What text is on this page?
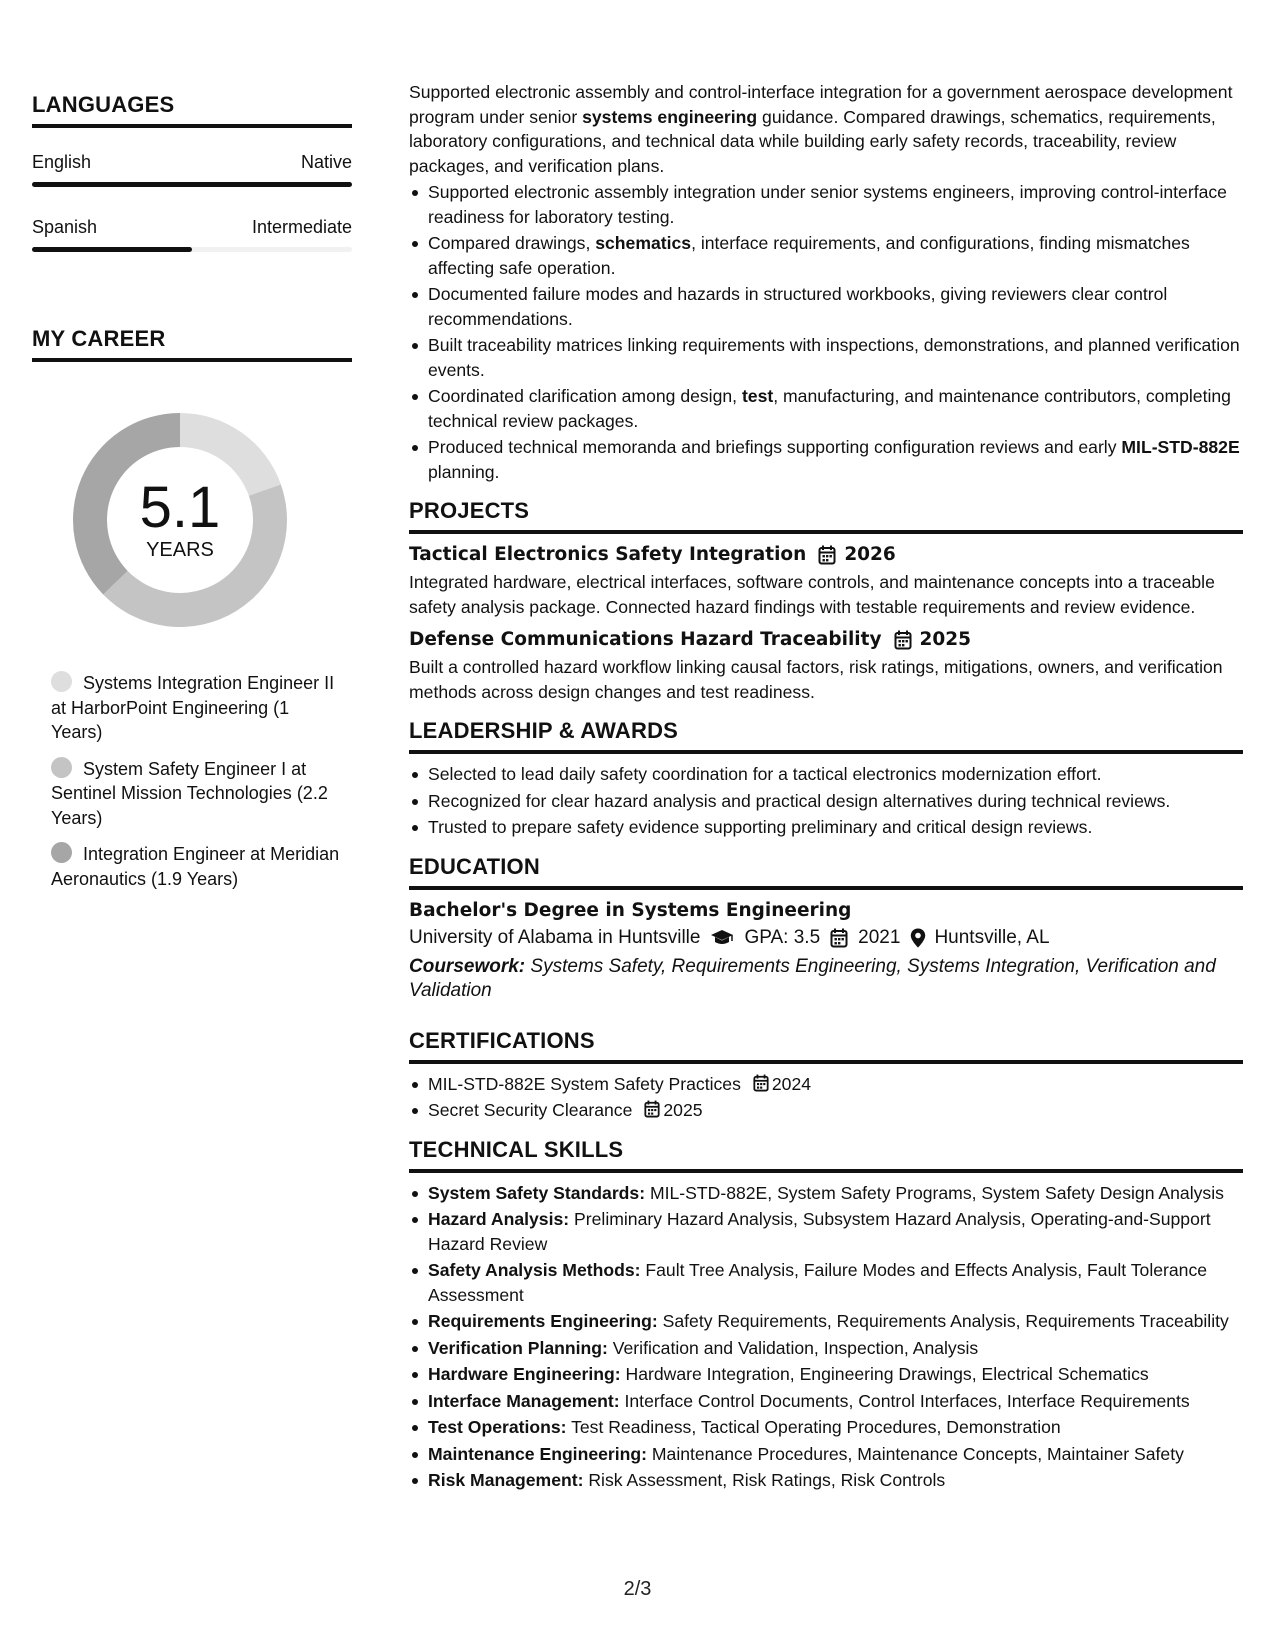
LANGUAGES
English	Native
Spanish	Intermediate
MY CAREER
5.1
YEARS
Systems Integration Engineer II at HarborPoint Engineering (1 Years)
System Safety Engineer I at Sentinel Mission Technologies (2.2 Years)
Integration Engineer at Meridian Aeronautics (1.9 Years)

Supported electronic assembly and control-interface integration for a government aerospace development program under senior systems engineering guidance. Compared drawings, schematics, requirements, laboratory configurations, and technical data while building early safety records, traceability, review packages, and verification plans.

Supported electronic assembly integration under senior systems engineers, improving control-interface readiness for laboratory testing.
Compared drawings, schematics, interface requirements, and configurations, finding mismatches affecting safe operation.
Documented failure modes and hazards in structured workbooks, giving reviewers clear control recommendations.
Built traceability matrices linking requirements with inspections, demonstrations, and planned verification events.
Coordinated clarification among design, test, manufacturing, and maintenance contributors, completing technical review packages.
Produced technical memoranda and briefings supporting configuration reviews and early MIL-STD-882E planning.
PROJECTS
Tactical Electronics Safety Integration 2026

Integrated hardware, electrical interfaces, software controls, and maintenance concepts into a traceable safety analysis package. Connected hazard findings with testable requirements and review evidence.

Defense Communications Hazard Traceability 2025

Built a controlled hazard workflow linking causal factors, risk ratings, mitigations, owners, and verification methods across design changes and test readiness.

LEADERSHIP & AWARDS
Selected to lead daily safety coordination for a tactical electronics modernization effort.
Recognized for clear hazard analysis and practical design alternatives during technical reviews.
Trusted to prepare safety evidence supporting preliminary and critical design reviews.
EDUCATION
Bachelor's Degree in Systems Engineering
University of Alabama in Huntsville GPA: 3.5 2021 Huntsville, AL

Coursework: Systems Safety, Requirements Engineering, Systems Integration, Verification and Validation

CERTIFICATIONS
MIL-STD-882E System Safety Practices 2024
Secret Security Clearance 2025
TECHNICAL SKILLS
System Safety Standards: MIL-STD-882E, System Safety Programs, System Safety Design Analysis
Hazard Analysis: Preliminary Hazard Analysis, Subsystem Hazard Analysis, Operating-and-Support Hazard Review
Safety Analysis Methods: Fault Tree Analysis, Failure Modes and Effects Analysis, Fault Tolerance Assessment
Requirements Engineering: Safety Requirements, Requirements Analysis, Requirements Traceability
Verification Planning: Verification and Validation, Inspection, Analysis
Hardware Engineering: Hardware Integration, Engineering Drawings, Electrical Schematics
Interface Management: Interface Control Documents, Control Interfaces, Interface Requirements
Test Operations: Test Readiness, Tactical Operating Procedures, Demonstration
Maintenance Engineering: Maintenance Procedures, Maintenance Concepts, Maintainer Safety
Risk Management: Risk Assessment, Risk Ratings, Risk Controls
2/3
